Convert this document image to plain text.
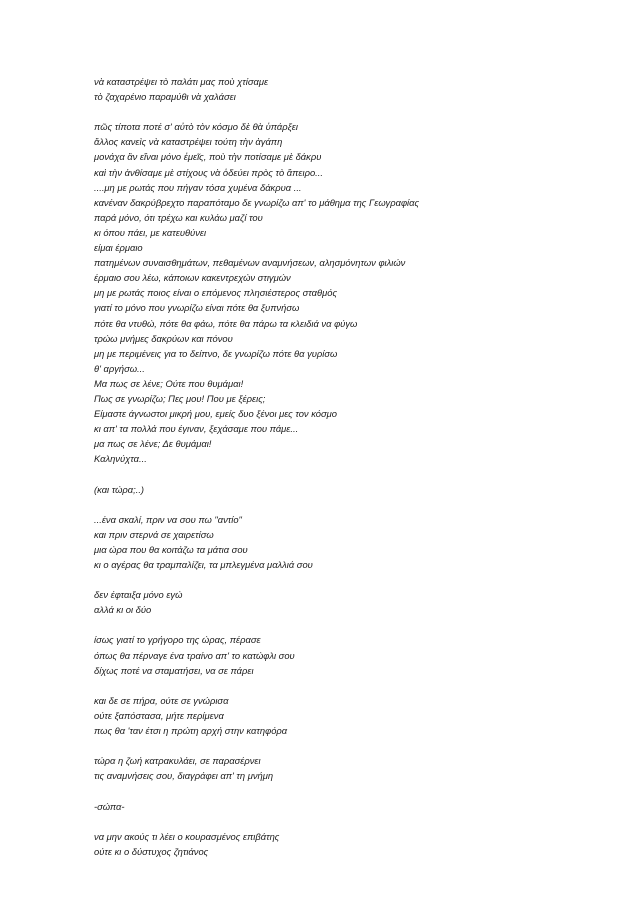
νὰ καταστρέψει τὸ παλάτι μας ποὺ χτίσαμε
τὸ ζαχαρένιο παραμύθι νὰ χαλάσει
πῶς τίποτα ποτέ σ' αὐτὸ τὸν κόσμο δὲ θὰ ὑπάρξει
ἄλλος κανεὶς νὰ καταστρέψει τούτη τὴν ἀγάπη
μονάχα ἂν εἴναι μόνο ἐμεῖς, ποὺ τὴν ποτίσαμε μὲ δάκρυ
καὶ τὴν ἀνθίσαμε μὲ στίχους νὰ ὁδεύει πρὸς τὸ ἄπειρο...
....μη με ρωτάς που πήγαν τόσα χυμένα δάκρυα ...
κανέναν δακρύβρεχτο παραπόταμο δε γνωρίζω απ' το μάθημα της Γεωγραφίας
παρά μόνο, ότι τρέχω και κυλάω μαζί του
κι όπου πάει, με κατευθύνει
είμαι έρμαιο
πατημένων συναισθημάτων, πεθαμένων αναμνήσεων, αλησμόνητων φιλιών
έρμαιο σου λέω, κάποιων κακεντρεχών στιγμών
μη με ρωτάς ποιος είναι ο επόμενος πλησιέστερος σταθμός
γιατί το μόνο που γνωρίζω είναι πότε θα ξυπνήσω
πότε θα ντυθώ, πότε θα φάω, πότε θα πάρω τα κλειδιά να φύγω
τρώω μνήμες δακρύων και πόνου
μη με περιμένεις για το δείπνο, δε γνωρίζω πότε θα γυρίσω
θ' αργήσω...
Μα πως σε λένε; Ούτε που θυμάμαι!
Πως σε γνωρίζω; Πες μου! Που με ξέρεις;
Είμαστε άγνωστοι μικρή μου, εμείς δυο ξένοι μες τον κόσμο
κι απ' τα πολλά που έγιναν, ξεχάσαμε που πάμε...
μα πως σε λένε; Δε θυμάμαι!
Καληνύχτα...
(και τώρα;..)
...ένα σκαλί, πριν να σου πω "αντίο"
και πριν στερνά σε χαιρετίσω
μια ώρα που θα κοιτάζω τα μάτια σου
κι ο αγέρας θα τραμπαλίζει, τα μπλεγμένα μαλλιά σου
δεν έφταιξα μόνο εγώ
αλλά κι οι δύο
ίσως γιατί το γρήγορο της ώρας, πέρασε
όπως θα πέρναγε ένα τραίνο απ' το κατώφλι σου
δίχως ποτέ να σταματήσει, να σε πάρει
και δε σε πήρα, ούτε σε γνώρισα
ούτε ξαπόστασα, μήτε περίμενα
πως θα 'ταν έτσι η πρώτη αρχή στην κατηφόρα
τώρα η ζωή κατρακυλάει, σε παρασέρνει
τις αναμνήσεις σου, διαγράφει απ' τη μνήμη
-σώπα-
να μην ακούς τι λέει ο κουρασμένος επιβάτης
ούτε κι ο δύστυχος ζητιάνος
